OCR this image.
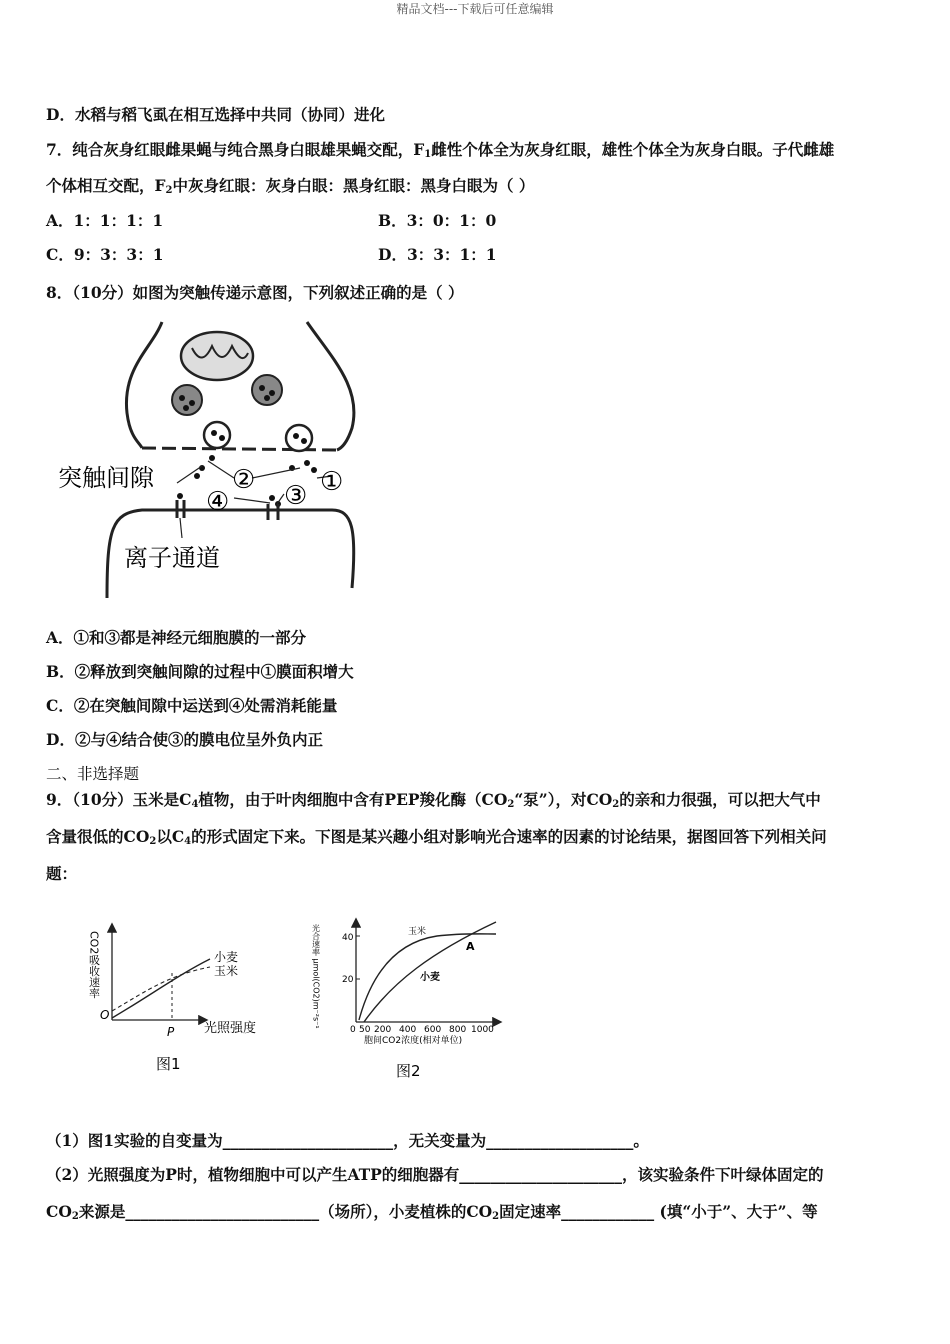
精品文档---下载后可任意编辑
D．水稻与稻飞虱在相互选择中共同（协同）进化
7．纯合灰身红眼雌果蝇与纯合黑身白眼雄果蝇交配，$F_1$雌性个体全为灰身红眼，雄性个体全为灰身白眼。子代雌雄
个体相互交配，$F_2$中灰身红眼：灰身白眼：黑身红眼：黑身白眼为（ ）
A．1：1：1：1	B．3：0：1：0
C．9：3：3：1	D．3：3：1：1
8．（10分）如图为突触传递示意图，下列叙述正确的是（ ）
突触间隙
离子通道
② ①
④ ③
A．①和③都是神经元细胞膜的一部分
B．②释放到突触间隙的过程中①膜面积增大
C．②在突触间隙中运送到④处需消耗能量
D．②与④结合使③的膜电位呈外负内正
二、非选择题
9．（10分）玉米是$C_4$植物，由于叶肉细胞中含有PEP羧化酶（$CO_2“$泵”），对$CO_2$的亲和力很强，可以把大气中
含量很低的$CO_2$以$C_4$的形式固定下来。下图是某兴趣小组对影响光合速率的因素的讨论结果，据图回答下列相关问
题：
CO2吸收速率
O
P 光照强度
小麦
玉米
图1
光合速率 μmol(CO2)m⁻²s⁻¹ 40
20
0 50 200 400 600 800 1000
胞间CO2浓度(相对单位)
玉米
小麦
A
图2
（1）图1实验的自变量为______________________，无关变量为___________________。
（2）光照强度为P时，植物细胞中可以产生ATP的细胞器有_____________________，该实验条件下叶绿体固定的
$CO_2$来源是_________________________（场所），小麦植株的$CO_2$固定速率____________ (填“小于”、大于”、等
